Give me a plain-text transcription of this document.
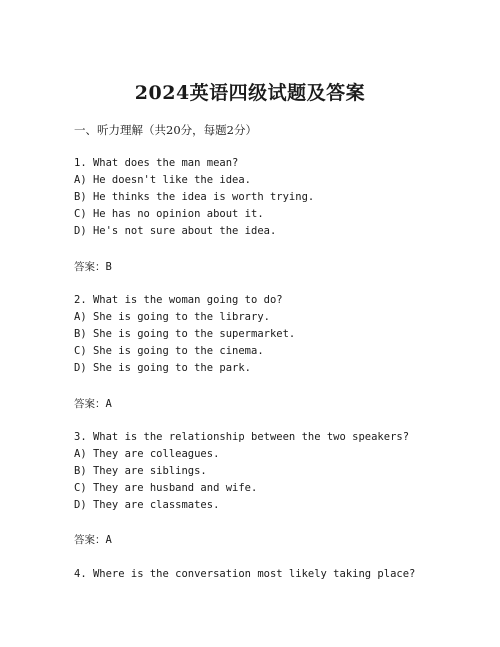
2024英语四级试题及答案
一、听力理解（共20分，每题2分）
1. What does the man mean?
A) He doesn't like the idea.
B) He thinks the idea is worth trying.
C) He has no opinion about it.
D) He's not sure about the idea.
答案：B
2. What is the woman going to do?
A) She is going to the library.
B) She is going to the supermarket.
C) She is going to the cinema.
D) She is going to the park.
答案：A
3. What is the relationship between the two speakers?
A) They are colleagues.
B) They are siblings.
C) They are husband and wife.
D) They are classmates.
答案：A
4. Where is the conversation most likely taking place?
